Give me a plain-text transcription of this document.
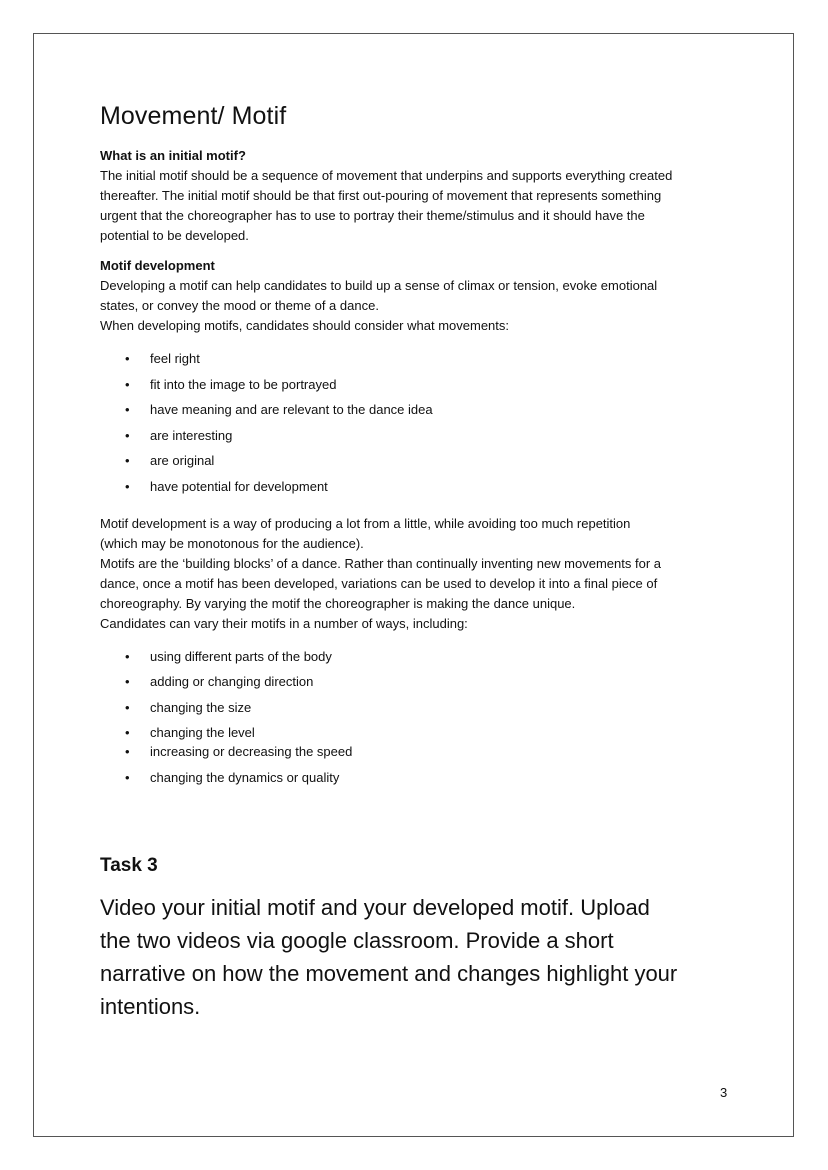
Movement/ Motif
What is an initial motif?

The initial motif should be a sequence of movement that underpins and supports everything created

thereafter. The initial motif should be that first out-pouring of movement that represents something

urgent that the choreographer has to use to portray their theme/stimulus and it should have the

potential to be developed.

Motif development

Developing a motif can help candidates to build up a sense of climax or tension, evoke emotional

states, or convey the mood or theme of a dance.

When developing motifs, candidates should consider what movements:

• feel right
• fit into the image to be portrayed
• have meaning and are relevant to the dance idea
• are interesting
• are original
• have potential for development

Motif development is a way of producing a lot from a little, while avoiding too much repetition

(which may be monotonous for the audience).

Motifs are the ‘building blocks’ of a dance. Rather than continually inventing new movements for a

dance, once a motif has been developed, variations can be used to develop it into a final piece of

choreography. By varying the motif the choreographer is making the dance unique.

Candidates can vary their motifs in a number of ways, including:

• using different parts of the body
• adding or changing direction
• changing the size
• changing the level
• increasing or decreasing the speed
• changing the dynamics or quality
Task 3

Video your initial motif and your developed motif. Upload

the two videos via google classroom. Provide a short

narrative on how the movement and changes highlight your

intentions.

3
